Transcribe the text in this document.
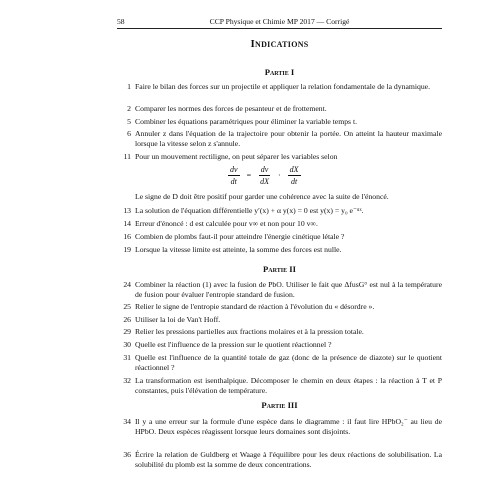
58	CCP Physique et Chimie MP 2017 — Corrigé
Indications
Partie I
1 Faire le bilan des forces sur un projectile et appliquer la relation fondamentale de la dynamique.
2 Comparer les normes des forces de pesanteur et de frottement.
5 Combiner les équations paramétriques pour éliminer la variable temps t.
6 Annuler z dans l'équation de la trajectoire pour obtenir la portée. On atteint la hauteur maximale lorsque la vitesse selon z s'annule.
11 Pour un mouvement rectiligne, on peut séparer les variables selon
$\frac{dv}{dt} = \frac{dv}{dX} \cdot \frac{dX}{dt}$
Le signe de D doit être positif pour garder une cohérence avec la suite de l'énoncé.
13 La solution de l'équation différentielle y′(x) + α y(x) = 0 est y(x) = y₀ e⁻ᵅˣ.
14 Erreur d'énoncé : d est calculée pour v∞ et non pour 10 v∞.
16 Combien de plombs faut-il pour atteindre l'énergie cinétique létale ?
19 Lorsque la vitesse limite est atteinte, la somme des forces est nulle.
Partie II
24 Combiner la réaction (1) avec la fusion de PbO. Utiliser le fait que ΔfusG° est nul à la température de fusion pour évaluer l'entropie standard de fusion.
25 Relier le signe de l'entropie standard de réaction à l'évolution du « désordre ».
26 Utiliser la loi de Van't Hoff.
29 Relier les pressions partielles aux fractions molaires et à la pression totale.
30 Quelle est l'influence de la pression sur le quotient réactionnel ?
31 Quelle est l'influence de la quantité totale de gaz (donc de la présence de diazote) sur le quotient réactionnel ?
32 La transformation est isenthalpique. Décomposer le chemin en deux étapes : la réaction à T et P constantes, puis l'élévation de température.
Partie III
34 Il y a une erreur sur la formule d'une espèce dans le diagramme : il faut lire HPbO₂⁻ au lieu de HPbO. Deux espèces réagissent lorsque leurs domaines sont disjoints.
36 Écrire la relation de Guldberg et Waage à l'équilibre pour les deux réactions de solubilisation. La solubilité du plomb est la somme de deux concentrations.
